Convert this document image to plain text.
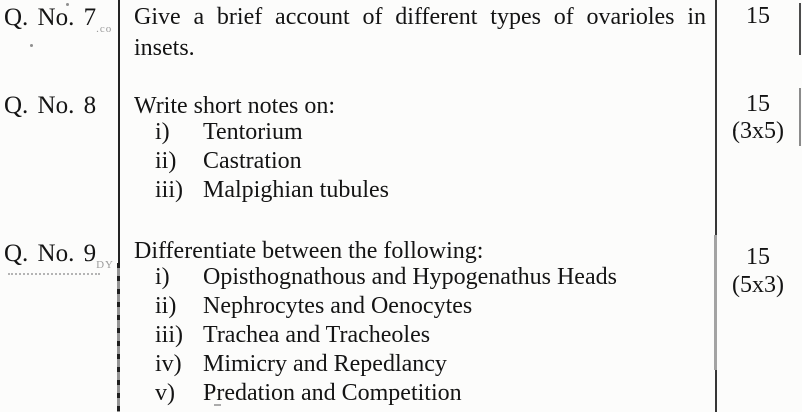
Q. No. $7_{.co}$ Give a brief account of different types of ovarioles in
insets.
15
Q. No. 8 Write short notes on:
i) Tentorium
ii) Castration
iii) Malpighian tubules
15
(3x5)
Q. No. $9_{DY}$
Differentiate between the following:
i) Opisthognathous and Hypogenathus Heads
ii) Nephrocytes and Oenocytes
iii) Trachea and Tracheoles
iv) Mimicry and Repedlancy
v) Predation and Competition
15
(5x3)
